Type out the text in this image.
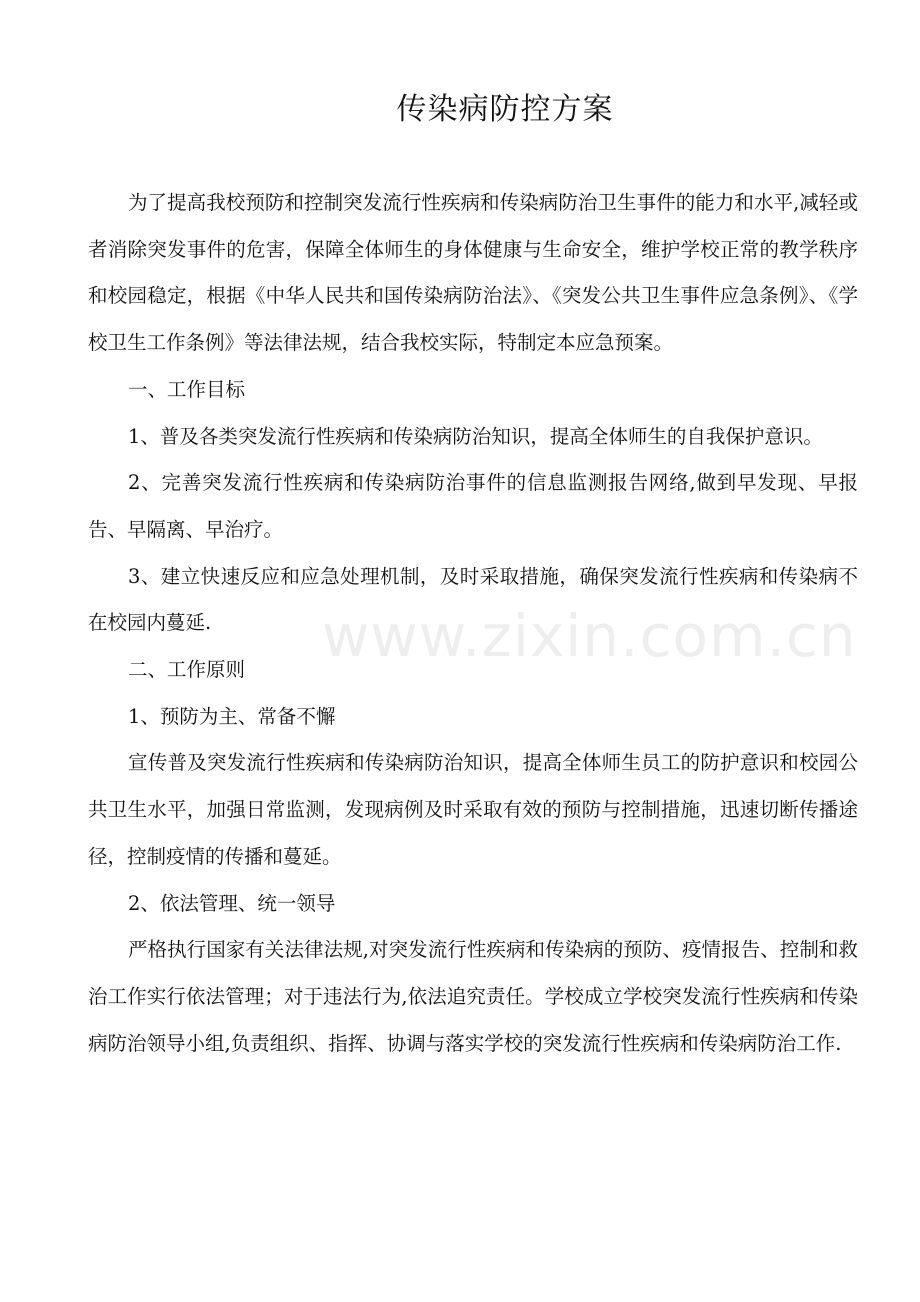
传染病防控方案

为了提高我校预防和控制突发流行性疾病和传染病防治卫生事件的能力和水平,减轻或者消除突发事件的危害，保障全体师生的身体健康与生命安全，维护学校正常的教学秩序和校园稳定，根据《中华人民共和国传染病防治法》、《突发公共卫生事件应急条例》、《学校卫生工作条例》等法律法规，结合我校实际，特制定本应急预案。

一、工作目标

1、普及各类突发流行性疾病和传染病防治知识，提高全体师生的自我保护意识。

2、完善突发流行性疾病和传染病防治事件的信息监测报告网络,做到早发现、早报告、早隔离、早治疗。

3、建立快速反应和应急处理机制，及时采取措施，确保突发流行性疾病和传染病不在校园内蔓延.

二、工作原则

1、预防为主、常备不懈

宣传普及突发流行性疾病和传染病防治知识，提高全体师生员工的防护意识和校园公共卫生水平，加强日常监测，发现病例及时采取有效的预防与控制措施，迅速切断传播途径，控制疫情的传播和蔓延。

2、依法管理、统一领导

严格执行国家有关法律法规,对突发流行性疾病和传染病的预防、疫情报告、控制和救治工作实行依法管理；对于违法行为,依法追究责任。学校成立学校突发流行性疾病和传染病防治领导小组,负责组织、指挥、协调与落实学校的突发流行性疾病和传染病防治工作.

www.zixin.com.cn
